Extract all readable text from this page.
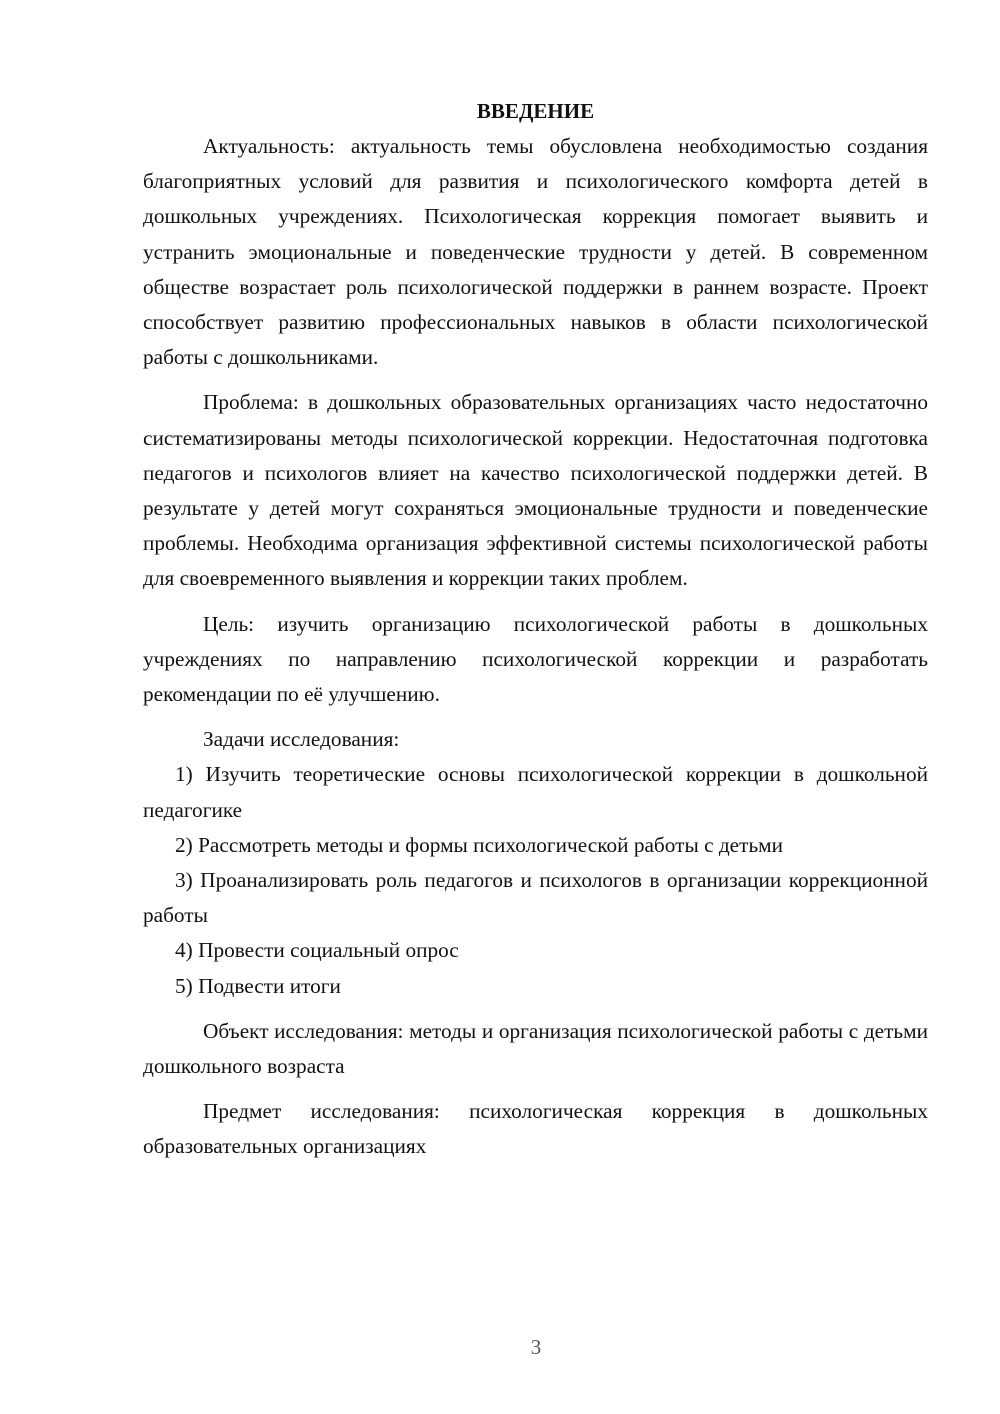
ВВЕДЕНИЕ

Актуальность: актуальность темы обусловлена необходимостью создания благоприятных условий для развития и психологического комфорта детей в дошкольных учреждениях. Психологическая коррекция помогает выявить и устранить эмоциональные и поведенческие трудности у детей. В современном обществе возрастает роль психологической поддержки в раннем возрасте. Проект способствует развитию профессиональных навыков в области психологической работы с дошкольниками.

Проблема: в дошкольных образовательных организациях часто недостаточно систематизированы методы психологической коррекции. Недостаточная подготовка педагогов и психологов влияет на качество психологической поддержки детей. В результате у детей могут сохраняться эмоциональные трудности и поведенческие проблемы. Необходима организация эффективной системы психологической работы для своевременного выявления и коррекции таких проблем.

Цель: изучить организацию психологической работы в дошкольных учреждениях по направлению психологической коррекции и разработать рекомендации по её улучшению.

Задачи исследования:

1) Изучить теоретические основы психологической коррекции в дошкольной педагогике

2) Рассмотреть методы и формы психологической работы с детьми

3) Проанализировать роль педагогов и психологов в организации коррекционной работы

4) Провести социальный опрос

5) Подвести итоги

Объект исследования: методы и организация психологической работы с детьми дошкольного возраста

Предмет исследования: психологическая коррекция в дошкольных образовательных организациях

3
